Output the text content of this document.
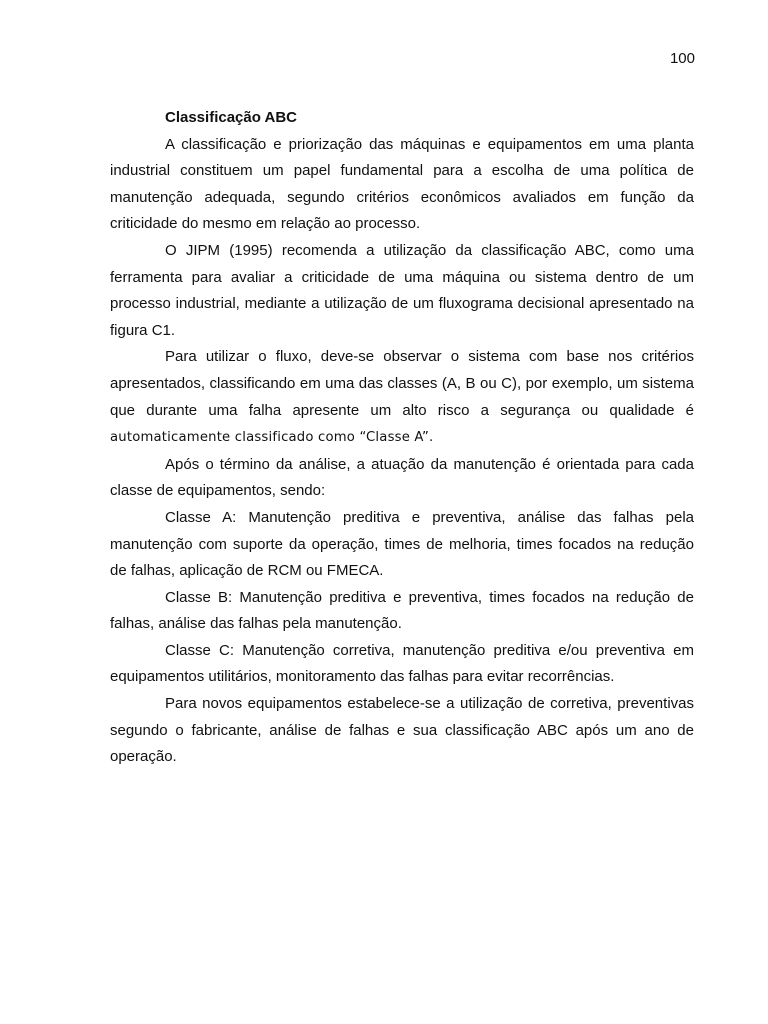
100

Classificação ABC

A classificação e priorização das máquinas e equipamentos em uma planta industrial constituem um papel fundamental para a escolha de uma política de manutenção adequada, segundo critérios econômicos avaliados em função da criticidade do mesmo em relação ao processo.

O JIPM (1995) recomenda a utilização da classificação ABC, como uma ferramenta para avaliar a criticidade de uma máquina ou sistema dentro de um processo industrial, mediante a utilização de um fluxograma decisional apresentado na figura C1.

Para utilizar o fluxo, deve-se observar o sistema com base nos critérios apresentados, classificando em uma das classes (A, B ou C), por exemplo, um sistema que durante uma falha apresente um alto risco a segurança ou qualidade é automaticamente classificado como “Classe A”.

Após o término da análise, a atuação da manutenção é orientada para cada classe de equipamentos, sendo:

Classe A: Manutenção preditiva e preventiva, análise das falhas pela manutenção com suporte da operação, times de melhoria, times focados na redução de falhas, aplicação de RCM ou FMECA.

Classe B: Manutenção preditiva e preventiva, times focados na redução de falhas, análise das falhas pela manutenção.

Classe C: Manutenção corretiva, manutenção preditiva e/ou preventiva em equipamentos utilitários, monitoramento das falhas para evitar recorrências.

Para novos equipamentos estabelece-se a utilização de corretiva, preventivas segundo o fabricante, análise de falhas e sua classificação ABC após um ano de operação.
